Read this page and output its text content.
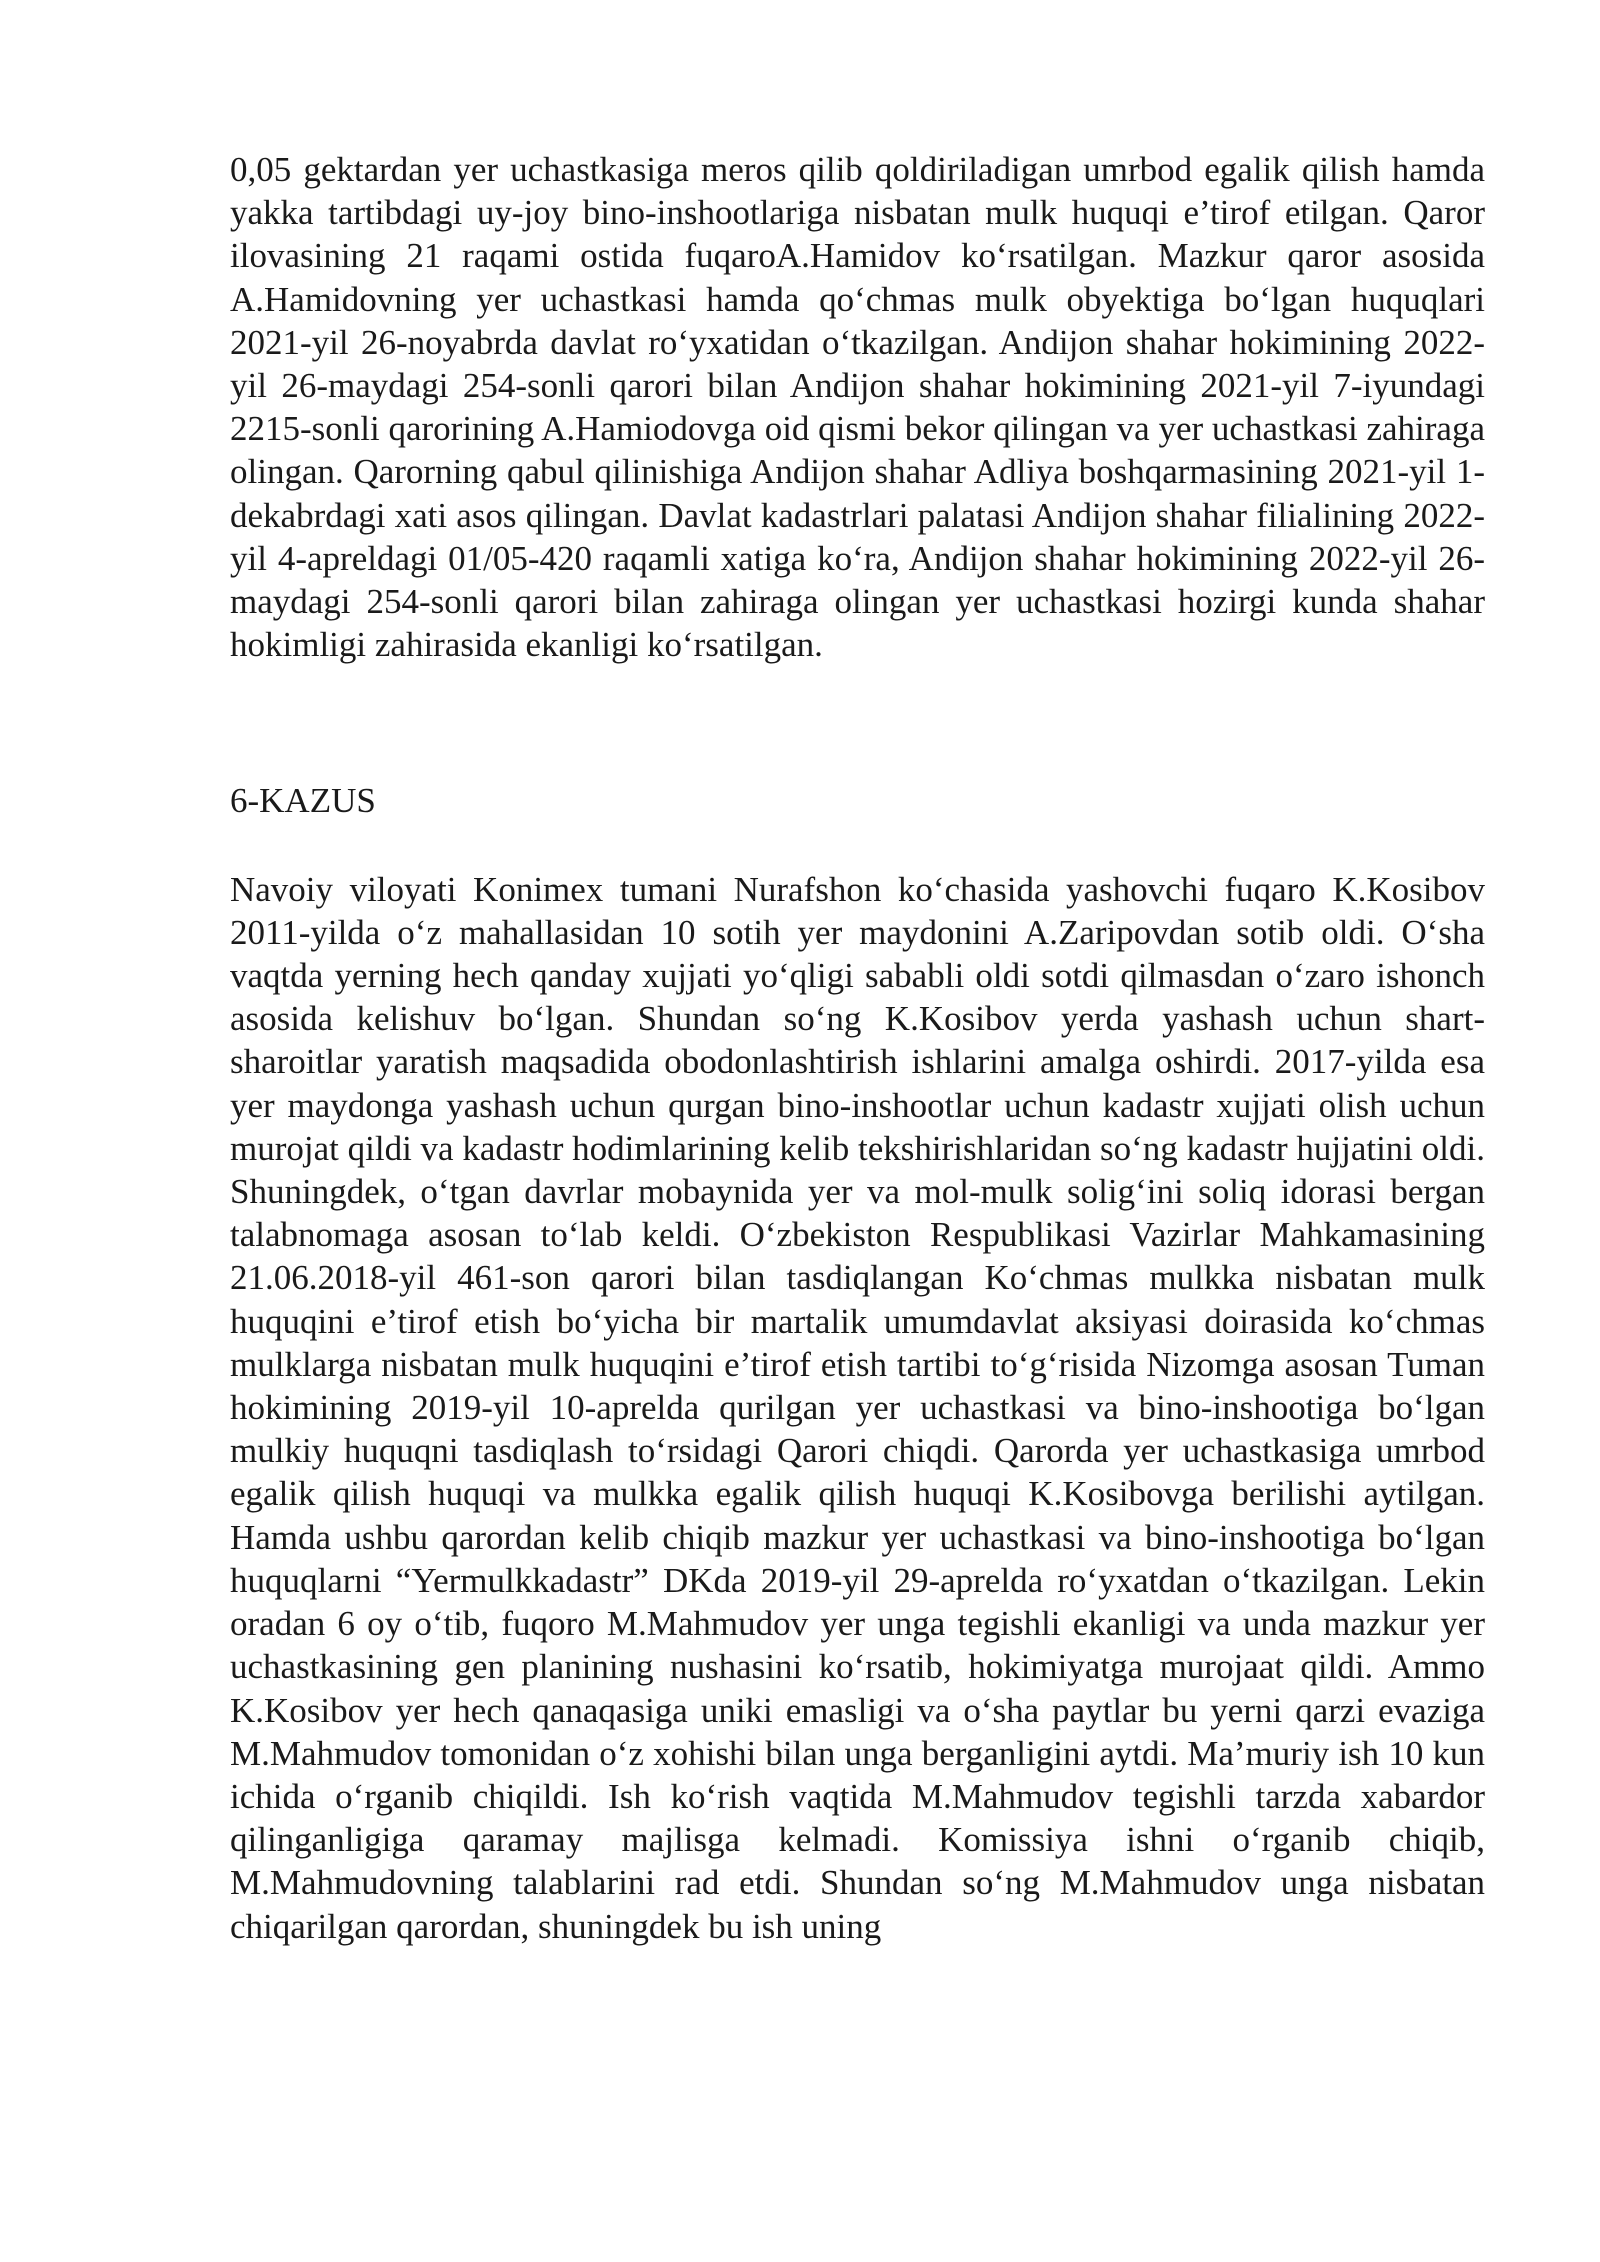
0,05 gektardan yer uchastkasiga meros qilib qoldiriladigan umrbod egalik qilish hamda yakka tartibdagi uy-joy bino-inshootlariga nisbatan mulk huquqi e’tirof etilgan. Qaror ilovasining 21 raqami ostida fuqaroA.Hamidov ko‘rsatilgan. Mazkur qaror asosida A.Hamidovning yer uchastkasi hamda qo‘chmas mulk obyektiga bo‘lgan huquqlari 2021-yil 26-noyabrda davlat ro‘yxatidan o‘tkazilgan. Andijon shahar hokimining 2022-yil 26-maydagi 254-sonli qarori bilan Andijon shahar hokimining 2021-yil 7-iyundagi 2215-sonli qarorining A.Hamiodovga oid qismi bekor qilingan va yer uchastkasi zahiraga olingan. Qarorning qabul qilinishiga Andijon shahar Adliya boshqarmasining 2021-yil 1-dekabrdagi xati asos qilingan. Davlat kadastrlari palatasi Andijon shahar filialining 2022-yil 4-apreldagi 01/05-420 raqamli xatiga ko‘ra, Andijon shahar hokimining 2022-yil 26-maydagi 254-sonli qarori bilan zahiraga olingan yer uchastkasi hozirgi kunda shahar hokimligi zahirasida ekanligi ko‘rsatilgan.

6-KAZUS

Navoiy viloyati Konimex tumani Nurafshon ko‘chasida yashovchi fuqaro K.Kosibov 2011-yilda o‘z mahallasidan 10 sotih yer maydonini A.Zaripovdan sotib oldi. O‘sha vaqtda yerning hech qanday xujjati yo‘qligi sababli oldi sotdi qilmasdan o‘zaro ishonch asosida kelishuv bo‘lgan. Shundan so‘ng K.Kosibov yerda yashash uchun shart- sharoitlar yaratish maqsadida obodonlashtirish ishlarini amalga oshirdi. 2017-yilda esa yer maydonga yashash uchun qurgan bino-inshootlar uchun kadastr xujjati olish uchun murojat qildi va kadastr hodimlarining kelib tekshirishlaridan so‘ng kadastr hujjatini oldi. Shuningdek, o‘tgan davrlar mobaynida yer va mol-mulk solig‘ini soliq idorasi bergan talabnomaga asosan to‘lab keldi. O‘zbekiston Respublikasi Vazirlar Mahkamasining 21.06.2018-yil 461-son qarori bilan tasdiqlangan Ko‘chmas mulkka nisbatan mulk huquqini e’tirof etish bo‘yicha bir martalik umumdavlat aksiyasi doirasida ko‘chmas mulklarga nisbatan mulk huquqini e’tirof etish tartibi to‘g‘risida Nizomga asosan Tuman hokimining 2019-yil 10-aprelda qurilgan yer uchastkasi va bino-inshootiga bo‘lgan mulkiy huquqni tasdiqlash to‘rsidagi Qarori chiqdi. Qarorda yer uchastkasiga umrbod egalik qilish huquqi va mulkka egalik qilish huquqi K.Kosibovga berilishi aytilgan. Hamda ushbu qarordan kelib chiqib mazkur yer uchastkasi va bino-inshootiga bo‘lgan huquqlarni “Yermulkkadastr” DKda 2019-yil 29-aprelda ro‘yxatdan o‘tkazilgan. Lekin oradan 6 oy o‘tib, fuqoro M.Mahmudov yer unga tegishli ekanligi va unda mazkur yer uchastkasining gen planining nushasini ko‘rsatib, hokimiyatga murojaat qildi. Ammo K.Kosibov yer hech qanaqasiga uniki emasligi va o‘sha paytlar bu yerni qarzi evaziga M.Mahmudov tomonidan o‘z xohishi bilan unga berganligini aytdi. Ma’muriy ish 10 kun ichida o‘rganib chiqildi. Ish ko‘rish vaqtida M.Mahmudov tegishli tarzda xabardor qilinganligiga qaramay majlisga kelmadi. Komissiya ishni o‘rganib chiqib, M.Mahmudovning talablarini rad etdi. Shundan so‘ng M.Mahmudov unga nisbatan chiqarilgan qarordan, shuningdek bu ish uning
